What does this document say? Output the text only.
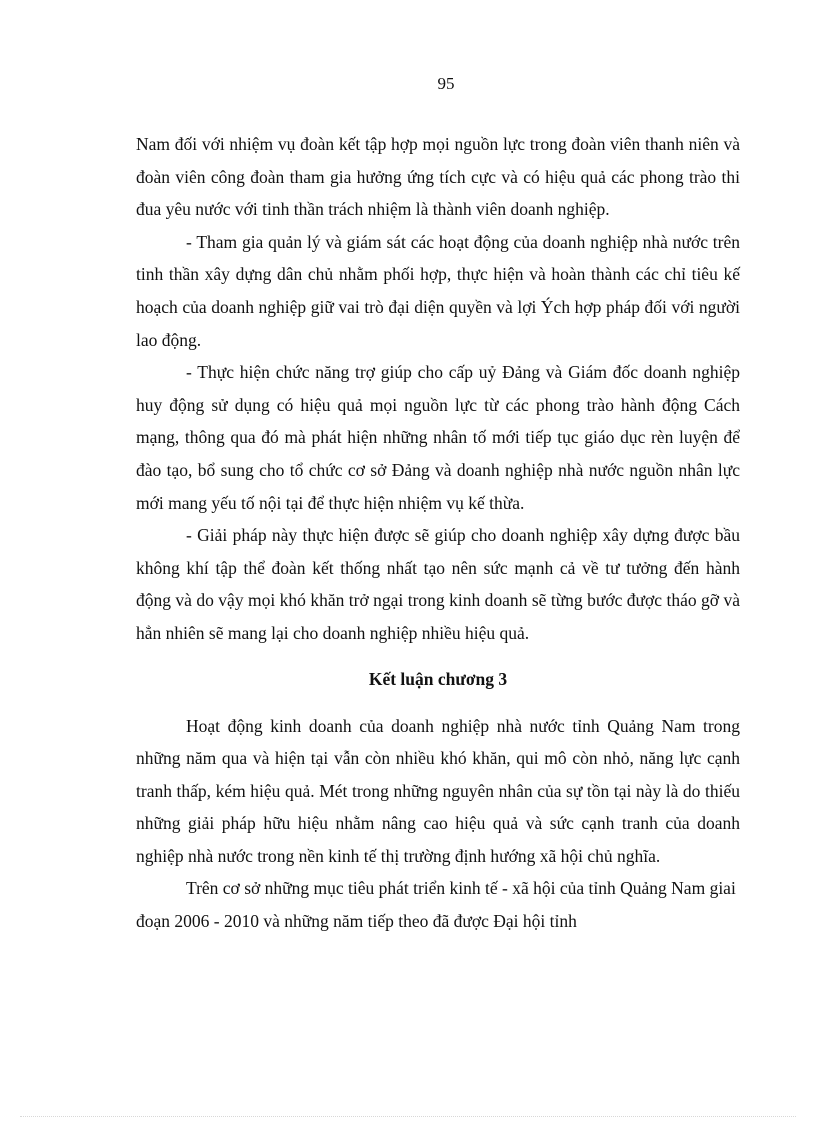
95

Nam đối với nhiệm vụ đoàn kết tập hợp mọi nguồn lực trong đoàn viên thanh niên và đoàn viên công đoàn tham gia hưởng ứng tích cực và có hiệu quả các phong trào thi đua yêu nước với tinh thần trách nhiệm là thành viên doanh nghiệp.

- Tham gia quản lý và giám sát các hoạt động của doanh nghiệp nhà nước trên tinh thần xây dựng dân chủ nhằm phối hợp, thực hiện và hoàn thành các chỉ tiêu kế hoạch của doanh nghiệp giữ vai trò đại diện quyền và lợi Ých hợp pháp đối với người lao động.

- Thực hiện chức năng trợ giúp cho cấp uỷ Đảng và Giám đốc doanh nghiệp huy động sử dụng có hiệu quả mọi nguồn lực từ các phong trào hành động Cách mạng, thông qua đó mà phát hiện những nhân tố mới tiếp tục giáo dục rèn luyện để đào tạo, bổ sung cho tổ chức cơ sở Đảng và doanh nghiệp nhà nước nguồn nhân lực mới mang yếu tố nội tại để thực hiện nhiệm vụ kế thừa.

- Giải pháp này thực hiện được sẽ giúp cho doanh nghiệp xây dựng được bầu không khí tập thể đoàn kết thống nhất tạo nên sức mạnh cả về tư tưởng đến hành động và do vậy mọi khó khăn trở ngại trong kinh doanh sẽ từng bước được tháo gỡ và hẳn nhiên sẽ mang lại cho doanh nghiệp nhiều hiệu quả.

Kết luận chương 3

Hoạt động kinh doanh của doanh nghiệp nhà nước tỉnh Quảng Nam trong những năm qua và hiện tại vẫn còn nhiều khó khăn, qui mô còn nhỏ, năng lực cạnh tranh thấp, kém hiệu quả. Mét trong những nguyên nhân của sự tồn tại này là do thiếu những giải pháp hữu hiệu nhằm nâng cao hiệu quả và sức cạnh tranh của doanh nghiệp nhà nước trong nền kinh tế thị trường định hướng xã hội chủ nghĩa.

Trên cơ sở những mục tiêu phát triển kinh tế - xã hội của tỉnh Quảng Nam giai đoạn 2006 - 2010 và những năm tiếp theo đã được Đại hội tỉnh
